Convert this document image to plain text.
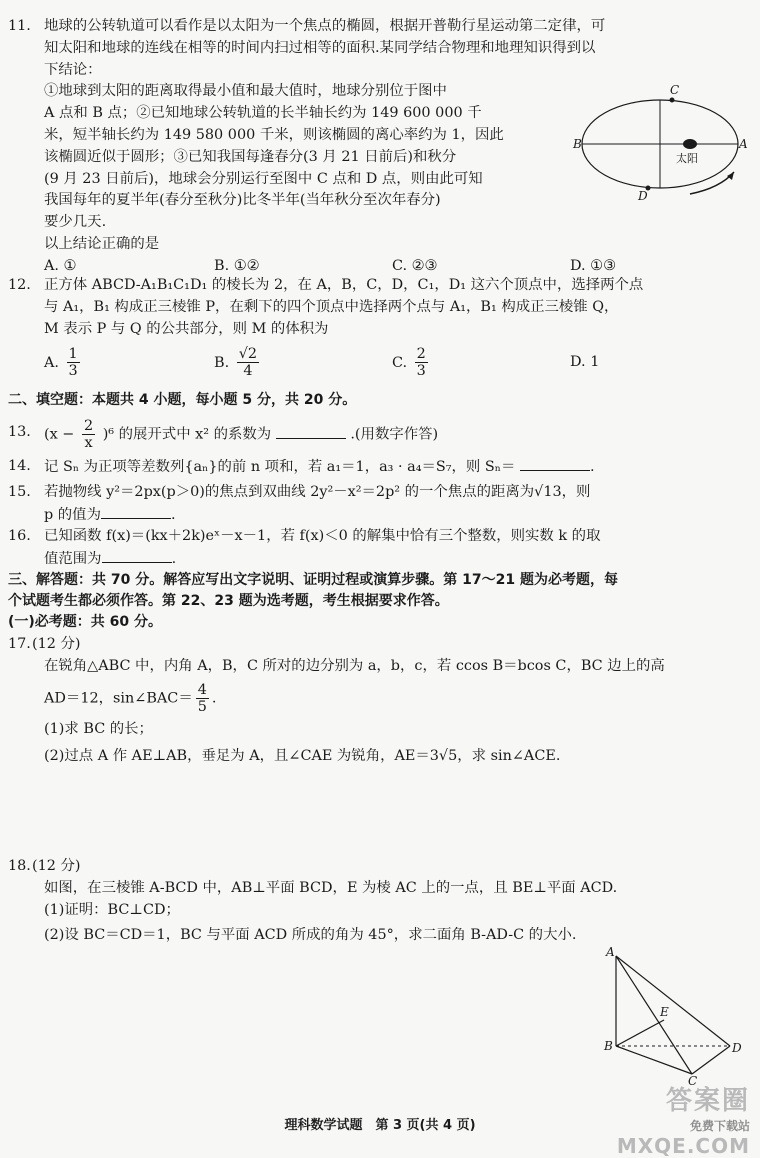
11. 地球的公转轨道可以看作是以太阳为一个焦点的椭圆，根据开普勒行星运动第二定律，可
知太阳和地球的连线在相等的时间内扫过相等的面积.某同学结合物理和地理知识得到以
下结论：
①地球到太阳的距离取得最小值和最大值时，地球分别位于图中
A 点和 B 点；②已知地球公转轨道的长半轴长约为 149 600 000 千
米，短半轴长约为 149 580 000 千米，则该椭圆的离心率约为 1，因此
该椭圆近似于圆形；③已知我国每逢春分(3 月 21 日前后)和秋分
(9 月 23 日前后)，地球会分别运行至图中 C 点和 D 点，则由此可知
我国每年的夏半年(春分至秋分)比冬半年(当年秋分至次年春分)
要少几天.
以上结论正确的是
A. ①	B. ①②	C. ②③	D. ①③
C
B	A
D
太阳
12. 正方体 ABCD-A₁B₁C₁D₁ 的棱长为 2，在 A，B，C，D，C₁，D₁ 这六个顶点中，选择两个点
与 A₁，B₁ 构成正三棱锥 P，在剩下的四个顶点中选择两个点与 A₁，B₁ 构成正三棱锥 Q，
M 表示 P 与 Q 的公共部分，则 M 的体积为
A. $\frac{1}{3}$	B. $\frac{√2}{4}$	C. $\frac{2}{3}$	D. 1
二、填空题：本题共 4 小题，每小题 5 分，共 20 分。
13. $(x - \frac{2}{x} )^6$ 的展开式中 x² 的系数为	.(用数字作答)
14. 记 Sₙ 为正项等差数列{aₙ}的前 n 项和，若 a₁＝1，a₃ · a₄＝S₇，则 Sₙ＝	.
15. 若抛物线 y²＝2px(p＞0)的焦点到双曲线 2y²－x²＝2p² 的一个焦点的距离为√13，则
p 的值为	.
16. 已知函数 f(x)＝(kx＋2k)eˣ－x－1，若 f(x)＜0 的解集中恰有三个整数，则实数 k 的取
值范围为	.
三、解答题：共 70 分。解答应写出文字说明、证明过程或演算步骤。第 17～21 题为必考题，每
个试题考生都必须作答。第 22、23 题为选考题，考生根据要求作答。
(一)必考题：共 60 分。
17. (12 分)
在锐角△ABC 中，内角 A，B，C 所对的边分别为 a，b，c，若 ccos B＝bcos C，BC 边上的高
AD＝12，sin∠BAC＝ $\frac{4}{5}$ .
(1)求 BC 的长；
(2)过点 A 作 AE⊥AB，垂足为 A，且∠CAE 为锐角，AE＝3√5，求 sin∠ACE.
18. (12 分)
如图，在三棱锥 A-BCD 中，AB⊥平面 BCD，E 为棱 AC 上的一点，且 BE⊥平面 ACD.
(1)证明：BC⊥CD；
(2)设 BC＝CD＝1，BC 与平面 ACD 所成的角为 45°，求二面角 B-AD-C 的大小.
A
E
B	D
C
答案圈
免费下载站
MXQE.COM
理科数学试题　第 3 页(共 4 页)
